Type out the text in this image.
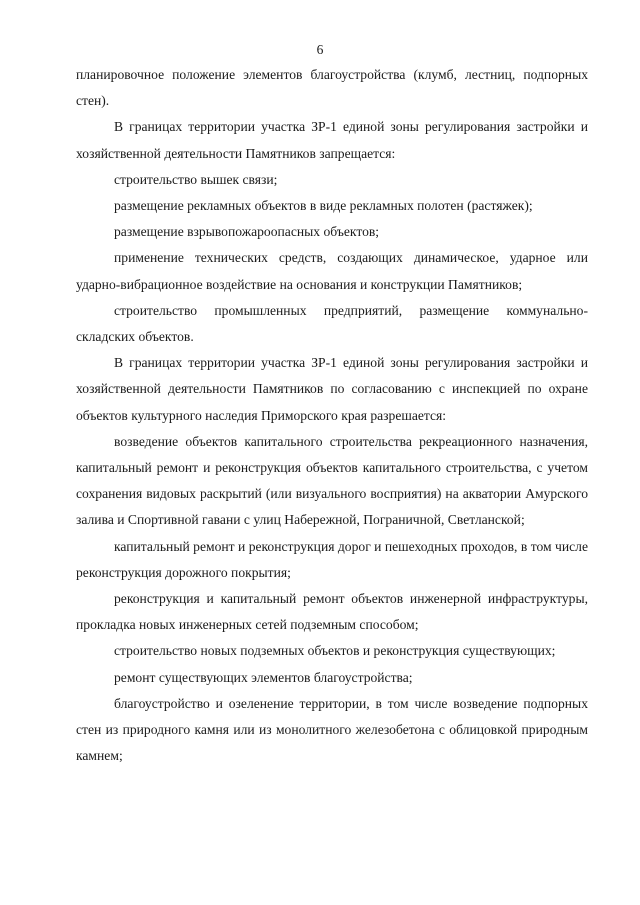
6

планировочное положение элементов благоустройства (клумб, лестниц, подпорных стен).

В границах территории участка ЗР-1 единой зоны регулирования застройки и хозяйственной деятельности Памятников запрещается:

строительство вышек связи;

размещение рекламных объектов в виде рекламных полотен (растяжек);

размещение взрывопожароопасных объектов;

применение технических средств, создающих динамическое, ударное или ударно-вибрационное воздействие на основания и конструкции Памятников;

строительство промышленных предприятий, размещение коммунально-складских объектов.

В границах территории участка ЗР-1 единой зоны регулирования застройки и хозяйственной деятельности Памятников по согласованию с инспекцией по охране объектов культурного наследия Приморского края разрешается:

возведение объектов капитального строительства рекреационного назначения, капитальный ремонт и реконструкция объектов капитального строительства, с учетом сохранения видовых раскрытий (или визуального восприятия) на акватории Амурского залива и Спортивной гавани с улиц Набережной, Пограничной, Светланской;

капитальный ремонт и реконструкция дорог и пешеходных проходов, в том числе реконструкция дорожного покрытия;

реконструкция и капитальный ремонт объектов инженерной инфраструктуры, прокладка новых инженерных сетей подземным способом;

строительство новых подземных объектов и реконструкция существующих;

ремонт существующих элементов благоустройства;

благоустройство и озеленение территории, в том числе возведение подпорных стен из природного камня или из монолитного железобетона с облицовкой природным камнем;
